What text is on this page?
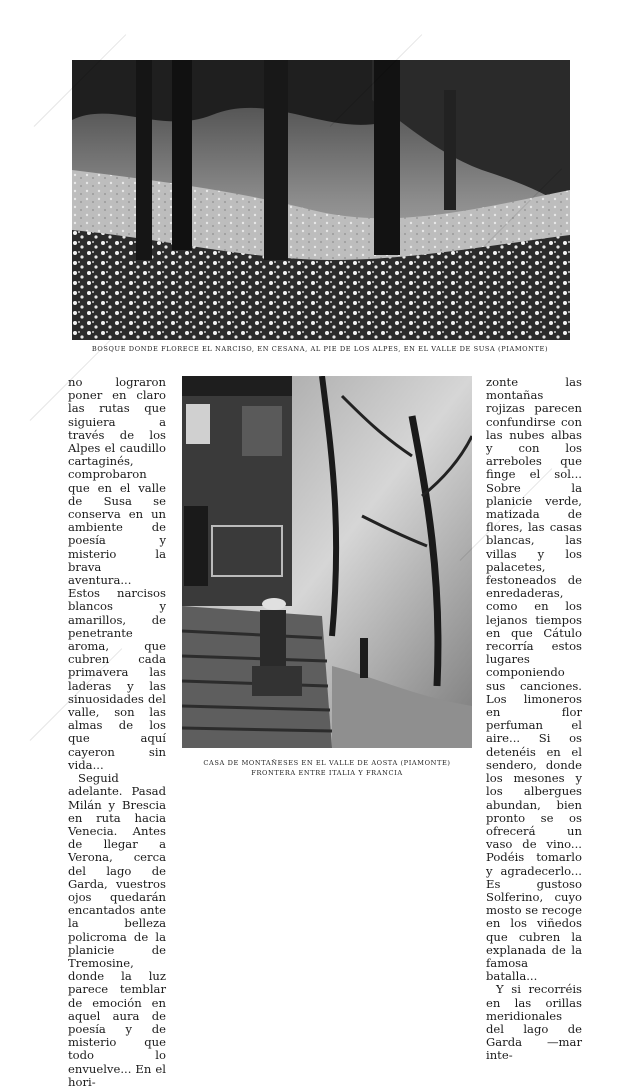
BOSQUE DONDE FLORECE EL NARCISO, EN CESANA, AL PIE DE LOS ALPES, EN EL VALLE DE SUSA (PIAMONTE)

no lograron poner en claro las rutas que siguiera a través de los Alpes el caudillo cartaginés, comprobaron que en el valle de Susa se conserva en un ambiente de poesía y misterio la brava aventura... Estos narcisos blancos y amarillos, de penetrante aroma, que cubren cada primavera las laderas y las sinuosidades del valle, son las almas de los que aquí cayeron sin vida...

Seguid adelante. Pasad Milán y Brescia en ruta hacia Venecia. Antes de llegar a Verona, cerca del lago de Garda, vuestros ojos quedarán encantados ante la belleza policroma de la planicie de Tremosine, donde la luz parece temblar de emoción en aquel aura de poesía y de misterio que todo lo envuelve... En el hori-

CASA DE MONTAÑESES EN EL VALLE DE AOSTA (PIAMONTE)
FRONTERA ENTRE ITALIA Y FRANCIA

zonte las montañas rojizas parecen confundirse con las nubes albas y con los arreboles que finge el sol... Sobre la planicie verde, matizada de flores, las casas blancas, las villas y los palacetes, festoneados de enredaderas, como en los lejanos tiempos en que Cátulo recorría estos lugares componiendo sus canciones. Los limoneros en flor perfuman el aire... Si os detenéis en el sendero, donde los mesones y los albergues abundan, bien pronto se os ofrecerá un vaso de vino... Podéis tomarlo y agradecerlo... Es gustoso Solferino, cuyo mosto se recoge en los viñedos que cubren la explanada de la famosa batalla...

Y si recorréis en las orillas meridionales del lago de Garda —mar inte-
